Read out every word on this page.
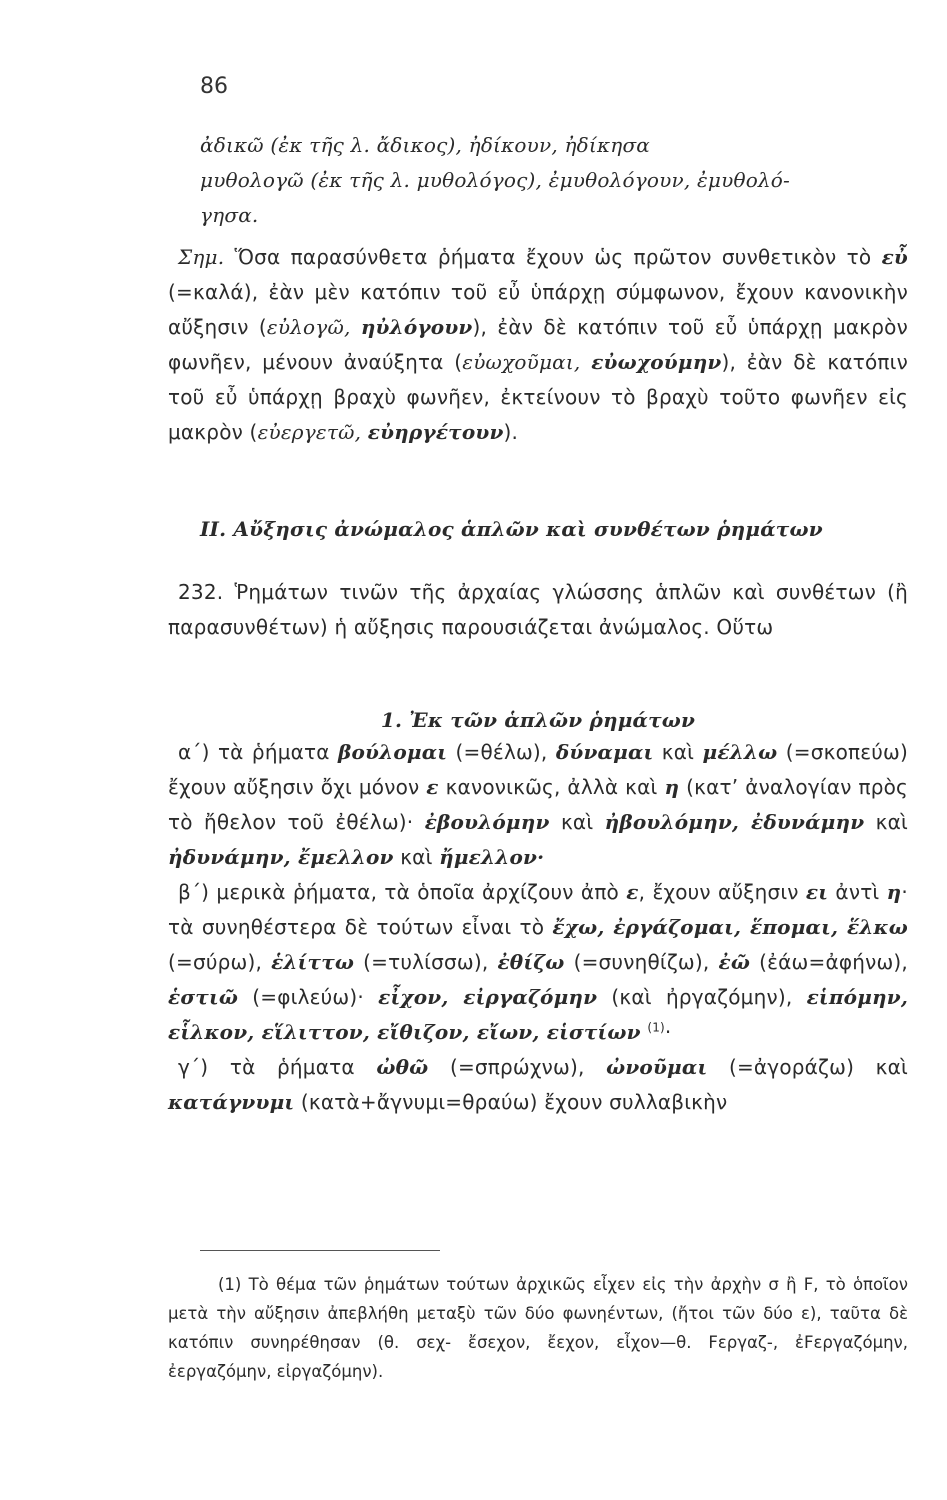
86

ἀδικῶ (ἐκ τῆς λ. ἄδικος), ἠδίκουν, ἠδίκησα

μυθολογῶ (ἐκ τῆς λ. μυθολόγος), ἐμυθολόγουν, ἐμυθολό-
γησα.

Σημ. Ὅσα παρασύνθετα ῥήματα ἔχουν ὡς πρῶτον συνθετικὸν τὸ εὖ (=καλά), ἐὰν μὲν κατόπιν τοῦ εὖ ὑπάρχῃ σύμφωνον, ἔχουν κανονικὴν αὔξησιν (εὐλογῶ, ηὐλόγουν), ἐὰν δὲ κατόπιν τοῦ εὖ ὑπάρχῃ μακρὸν φωνῆεν, μένουν ἀναύξητα (εὐωχοῦμαι, εὐωχούμην), ἐὰν δὲ κατόπιν τοῦ εὖ ὑπάρχῃ βραχὺ φωνῆεν, ἐκτείνουν τὸ βραχὺ τοῦτο φωνῆεν εἰς μακρὸν (εὐεργετῶ, εὐηργέτουν).

II. Αὔξησις ἀνώμαλος ἁπλῶν καὶ συνθέτων ῥημάτων

232. Ῥημάτων τινῶν τῆς ἀρχαίας γλώσσης ἁπλῶν καὶ συνθέτων (ἢ παρασυνθέτων) ἡ αὔξησις παρουσιάζεται ἀνώμαλος. Οὕτω

1. Ἐκ τῶν ἁπλῶν ῥημάτων

α΄) τὰ ῥήματα βούλομαι (=θέλω), δύναμαι καὶ μέλλω (=σκοπεύω) ἔχουν αὔξησιν ὄχι μόνον ε κανονικῶς, ἀλλὰ καὶ η (κατ’ ἀναλογίαν πρὸς τὸ ἤθελον τοῦ ἐθέλω)· ἐβουλόμην καὶ ἠβουλόμην, ἐδυνάμην καὶ ἠδυνάμην, ἔμελλον καὶ ἤμελλον·

β΄) μερικὰ ῥήματα, τὰ ὁποῖα ἀρχίζουν ἀπὸ ε, ἔχουν αὔξησιν ει ἀντὶ η· τὰ συνηθέστερα δὲ τούτων εἶναι τὸ ἔχω, ἐργάζομαι, ἕπομαι, ἕλκω (=σύρω), ἑλίττω (=τυλίσσω), ἐθίζω (=συνηθίζω), ἐῶ (ἐάω=ἀφήνω), ἑστιῶ (=φιλεύω)· εἶχον, εἰργαζόμην (καὶ ἠργαζόμην), εἱπόμην, εἷλκον, εἵλιττον, εἴθιζον, εἴων, εἱστίων $^{(1)}$·

γ΄) τὰ ῥήματα ὠθῶ (=σπρώχνω), ὠνοῦμαι (=ἀγοράζω) καὶ κατάγνυμι (κατὰ+ἄγνυμι=θραύω) ἔχουν συλλαβικὴν

(1) Τὸ θέμα τῶν ῥημάτων τούτων ἀρχικῶς εἶχεν εἰς τὴν ἀρχὴν σ ἢ F, τὸ ὁποῖον μετὰ τὴν αὔξησιν ἀπεβλήθη μεταξὺ τῶν δύο φωνηέντων, (ἤτοι τῶν δύο ε), ταῦτα δὲ κατόπιν συνηρέθησαν (θ. σεχ- ἔσεχον, ἔεχον, εἶχον—θ. Fεργαζ-, ἐFεργαζόμην, ἐεργαζόμην, εἰργαζόμην).
